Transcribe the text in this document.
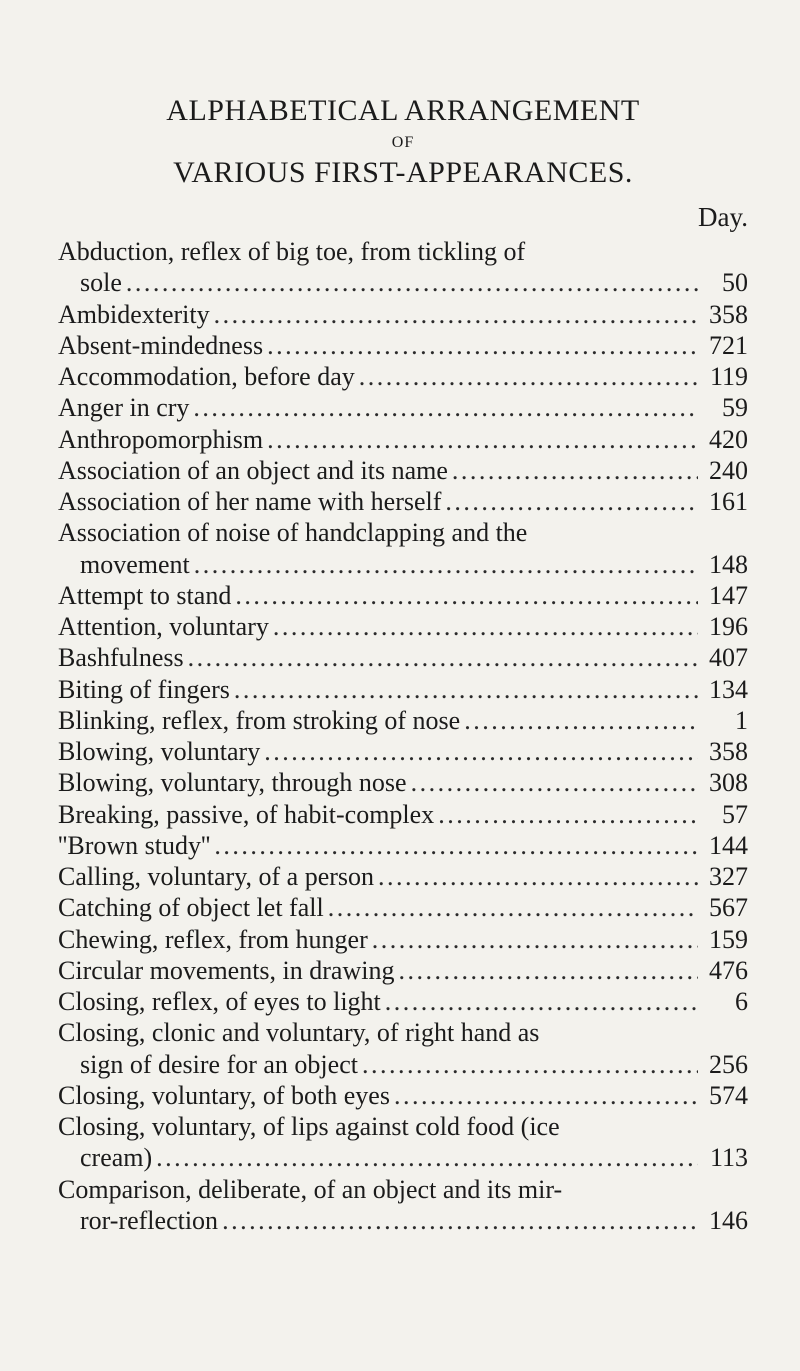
ALPHABETICAL ARRANGEMENT
OF
VARIOUS FIRST-APPEARANCES.
Day.
Abduction, reflex of big toe, from tickling of
sole . . .	50
Ambidexterity . . .	358
Absent-mindedness . . .	721
Accommodation, before day . . .	119
Anger in cry . . .	59
Anthropomorphism . . .	420
Association of an object and its name . . .	240
Association of her name with herself . . .	161
Association of noise of handclapping and the
movement . . .	148
Attempt to stand . . .	147
Attention, voluntary . . .	196
Bashfulness . . .	407
Biting of fingers . . .	134
Blinking, reflex, from stroking of nose . . .	1
Blowing, voluntary . . .	358
Blowing, voluntary, through nose . . .	308
Breaking, passive, of habit-complex . . .	57
''Brown study'' . . .	144
Calling, voluntary, of a person . . .	327
Catching of object let fall . . .	567
Chewing, reflex, from hunger . . .	159
Circular movements, in drawing . . .	476
Closing, reflex, of eyes to light . . .	6
Closing, clonic and voluntary, of right hand as
sign of desire for an object . . .	256
Closing, voluntary, of both eyes . . .	574
Closing, voluntary, of lips against cold food (ice
cream) . . .	113
Comparison, deliberate, of an object and its mir-
ror-reflection . . .	146
